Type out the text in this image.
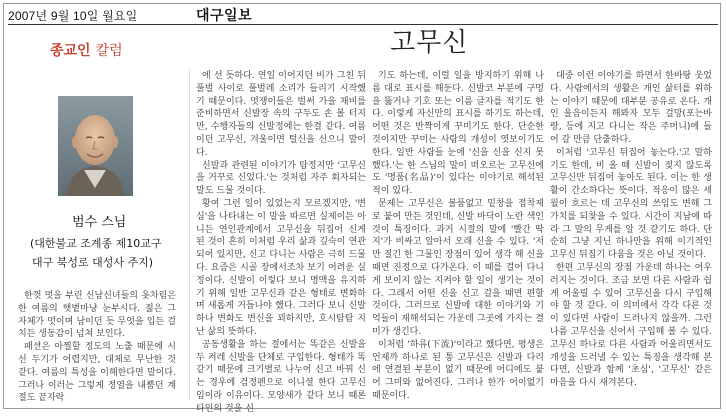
2007년 9월 10일 월요일	대구일보
종교인 칼럼	고무신
범수 스님
(대한불교 조계종 제10교구
대구 북성로 대성사 주지)

한껏 멋을 부린 신남신녀들의 옷차림은 한 여름의 햇볕마냥 눈부시다. 젊은 그 자체가 멋이며 남이던 듯 무엇을 입든 걸치든 생동감이 넘쳐 보인다.

패션은 아찔할 정도의 노출 때문에 시선 두기가 어렵지만, 대체로 무난한 것 같다. 여름의 특성을 이해한다면 말이다. 그러나 이러는 그렇게 정열을 내뿜던 계절도 끝자락

에 선 듯하다. 연일 이어지던 비가 그친 뒤 풀벌 사이로 풀벌레 소리가 들리기 시작했기 때문이다. 멋쟁이들은 벌써 가을 채비를 준비하면서 신발장 속의 구두도 손 볼 터지만, 수행자들의 신발정에는 한결 같다. 여름이던 고무신, 겨울이면 털신을 신으니 말이다.

신발과 관련된 이야기가 탐정지만 '고무신을 거꾸로 신었다.'는 것처럼 자주 회자되는 말도 드물 것이다.

황여 그런 일이 있었는지 모르겠지만, '변심'을 나타내는 이 말을 따르면 실제이든 아니든 연인관계에서 고무신을 뒤집어 신게 된 것이 흔히 이처럼 우리 삶과 깊숙이 연관되어 있지만, 신고 다니는 사람은 극히 드물다. 요즘은 시골 장에서조차 보기 어려운 실정이다. 신발이 이렇다 보니 명맥을 유지하기 위해 일반 고무신과 같은 형태로 변화하며 새롭게 거듭나야 했다. 그러다 보니 신발 하나 변화도 변신을 꾀하지만, 호시탐탐 지난 삶의 뜻하다.

공동생활을 하는 절에서는 똑같은 신발을 두 켜레 신발을 단체로 구입한다. 형태가 똑같기 때문에 크기별로 나누어 신고 바꿔 신는 경우에 검정펜으로 이니셜 한다 고무신 임이라 이유이다. 모양새가 같다 보니 때론 타인의 것을 신

기도 하는데, 이럴 일을 방지하기 위해 나름 대로 표시를 해둔다. 신발코 부분에 구멍을 뚫거나 기호 또는 이름 글자를 적기도 한다. 이렇게 자신만의 표시를 하기도 하는데, 어떤 것은 반짝이게 꾸미기도 한다. 단순한 것이지만 꾸미는 사람의 개성이 엿보이기도 한다. 일반 사람들 눈에 '신을 신을 신지 못했다.'는 한 스님의 말이 떠오르는 고무신에도 '명품(名品)'이 있다는 이야기로 해석된 적이 있다.

문제는 고무신은 볼품없고 밑창을 접착제로 붙여 만든 것인데, 신발 바닥이 노란 색인 것이 특징이다. 과거 시절의 말에 '빨간 딱지'가 비싸고 알아서 오래 신을 수 있다. '저만 질긴 한 그물인 장점이 있어 생각 해 신을 때면 진정으로 다가온다. 이 때를 걸어 다니게 보이지 않는 지켜야 할 일이 생기는 것이다. 그래서 어떤 신을 신고 걸을 때면 편할 것이다. 그러므로 신발에 대한 이야기와 기억들이 재해석되는 가운데 그곳에 가지는 결미가 생긴다.

이처럼 '하류(下流)'이라고 했다면, 평생은 언제까 하나로 된 통 고무신은 신발과 다리에 연결된 부분이 없기 때문에 어디에도 붙어 그미와 없어진다. 그러나 한가 어이없기 때문이다.

대중 이런 이야기를 하면서 한바탕 웃었다. 사람에서의 생활은 개인 삶터를 위하는 이야기 때문에 대부분 공유로 온다. 개인 울음이든지 해봐자 모두 걸망(포는바랑, 등에 지고 다니는 작은 주머니)에 들어 갈 만큼 단출하다.

이처럼 '고무신 뒤집어 놓는다.'고 말하기도 한데, 비 올 때 신발이 젖지 않도록 고무신만 뒤집어 놓아도 된다. 이는 한 생활이 간소하다는 뜻이다. 적응이 많은 세월이 흐르는 데 고무신의 쓰임도 변해 그 가치를 되찾을 수 있다. 시간이 지남에 따라 그 말의 무게를 알 것 같기도 하다. 단순히 그냥 지닌 하나만을 위해 이기적인 고무신 뒤집기 다움을 것은 아닐 것이다.

한편 고무신의 장점 가운데 하나는 어우러지는 것이다. 조금 보면 다른 사람과 쉽게 어울릴 수 있어 고무신을 다시 구입해야 할 것 같다. 이 의미에서 각각 다른 것이 있다면 사람이 드러나지 않을까. 그런 나름 고무신을 신어서 구입해 볼 수 있다. 고무신 하나로 다른 사람과 어울리면서도 개성을 드러낼 수 있는 특징을 생각해 본다면, 신발과 함께 '초심', '고무신' 같은 마음을 다시 새겨본다.
